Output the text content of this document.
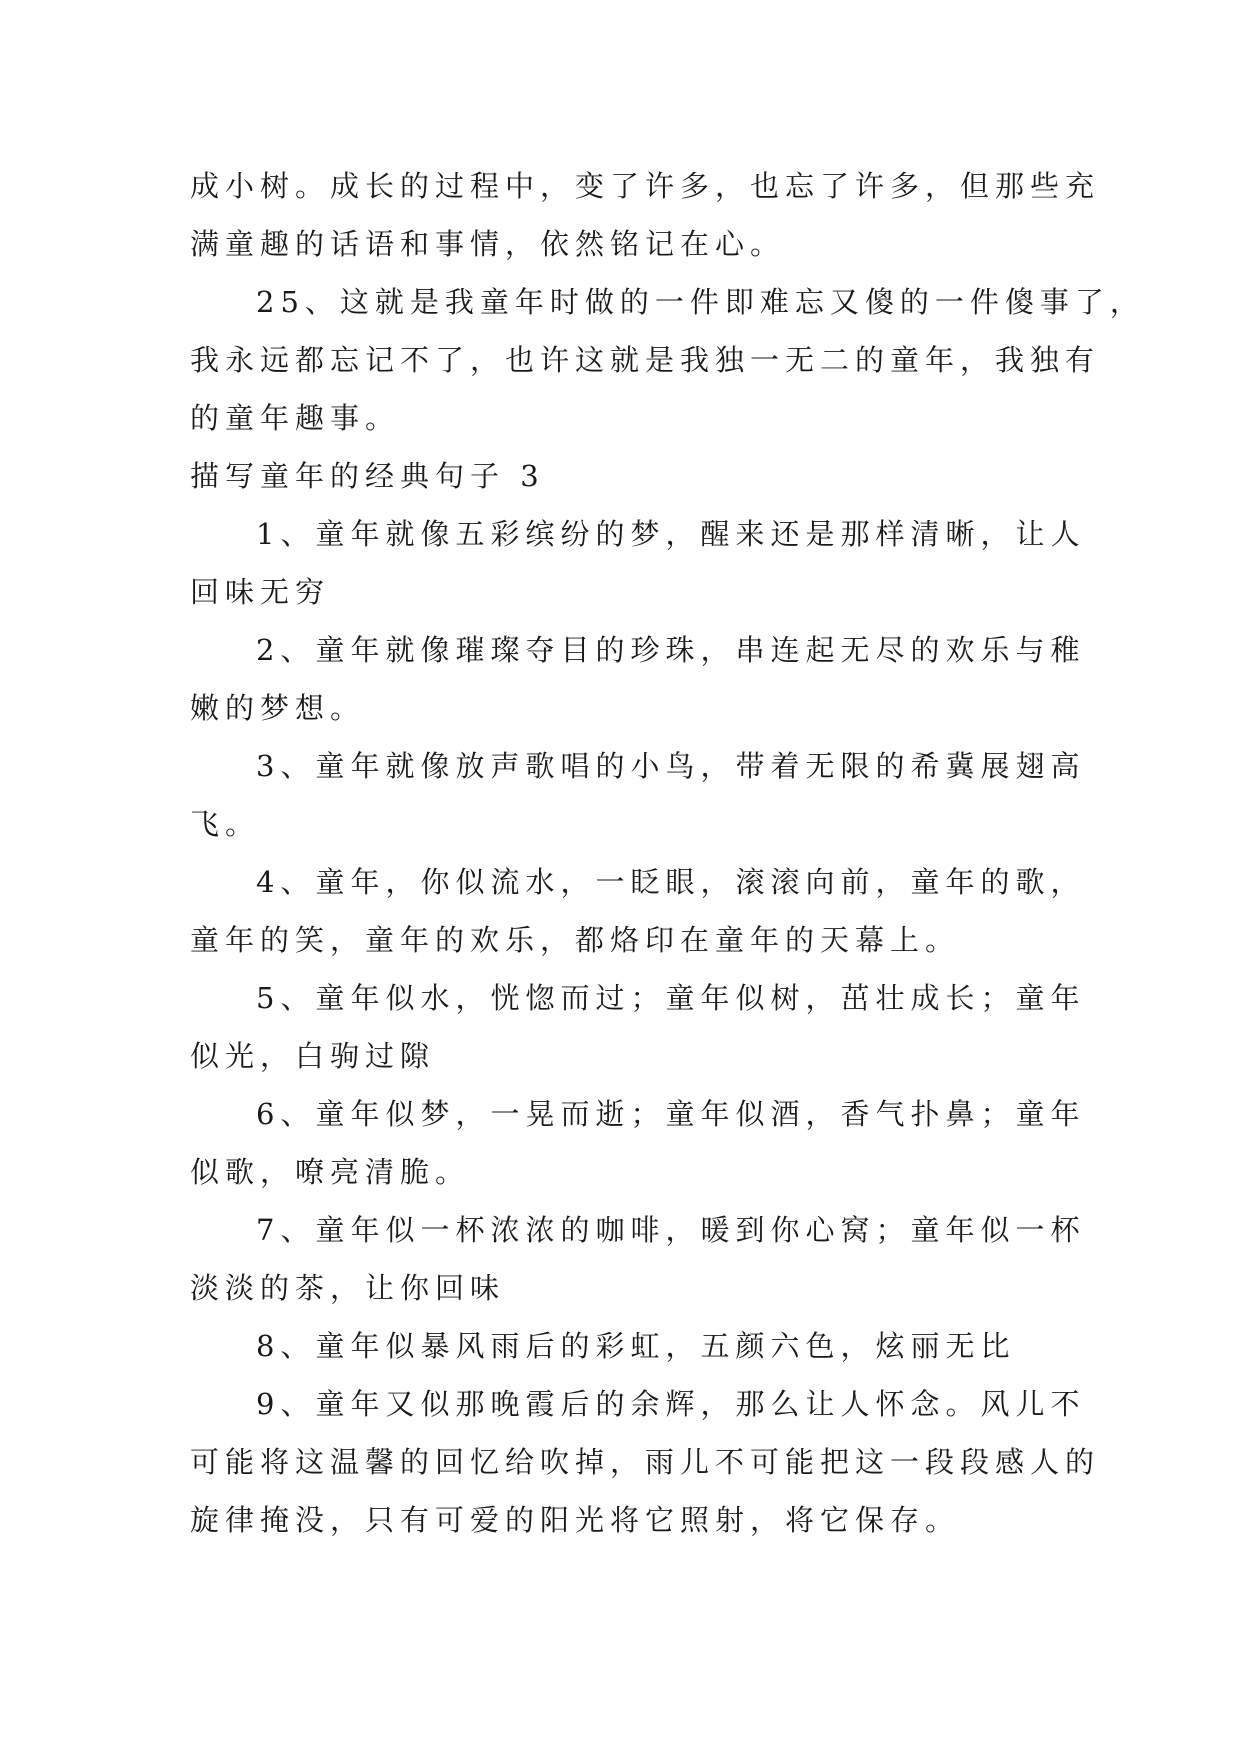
成小树。成长的过程中，变了许多，也忘了许多，但那些充
满童趣的话语和事情，依然铭记在心。
25、这就是我童年时做的一件即难忘又傻的一件傻事了，
我永远都忘记不了，也许这就是我独一无二的童年，我独有
的童年趣事。
描写童年的经典句子 3
1、童年就像五彩缤纷的梦，醒来还是那样清晰，让人
回味无穷
2、童年就像璀璨夺目的珍珠，串连起无尽的欢乐与稚
嫩的梦想。
3、童年就像放声歌唱的小鸟，带着无限的希冀展翅高
飞。
4、童年，你似流水，一眨眼，滚滚向前，童年的歌，
童年的笑，童年的欢乐，都烙印在童年的天幕上。
5、童年似水，恍惚而过；童年似树，茁壮成长；童年
似光，白驹过隙
6、童年似梦，一晃而逝；童年似酒，香气扑鼻；童年
似歌，嘹亮清脆。
7、童年似一杯浓浓的咖啡，暖到你心窝；童年似一杯
淡淡的茶，让你回味
8、童年似暴风雨后的彩虹，五颜六色，炫丽无比
9、童年又似那晚霞后的余辉，那么让人怀念。风儿不
可能将这温馨的回忆给吹掉，雨儿不可能把这一段段感人的
旋律掩没，只有可爱的阳光将它照射，将它保存。
